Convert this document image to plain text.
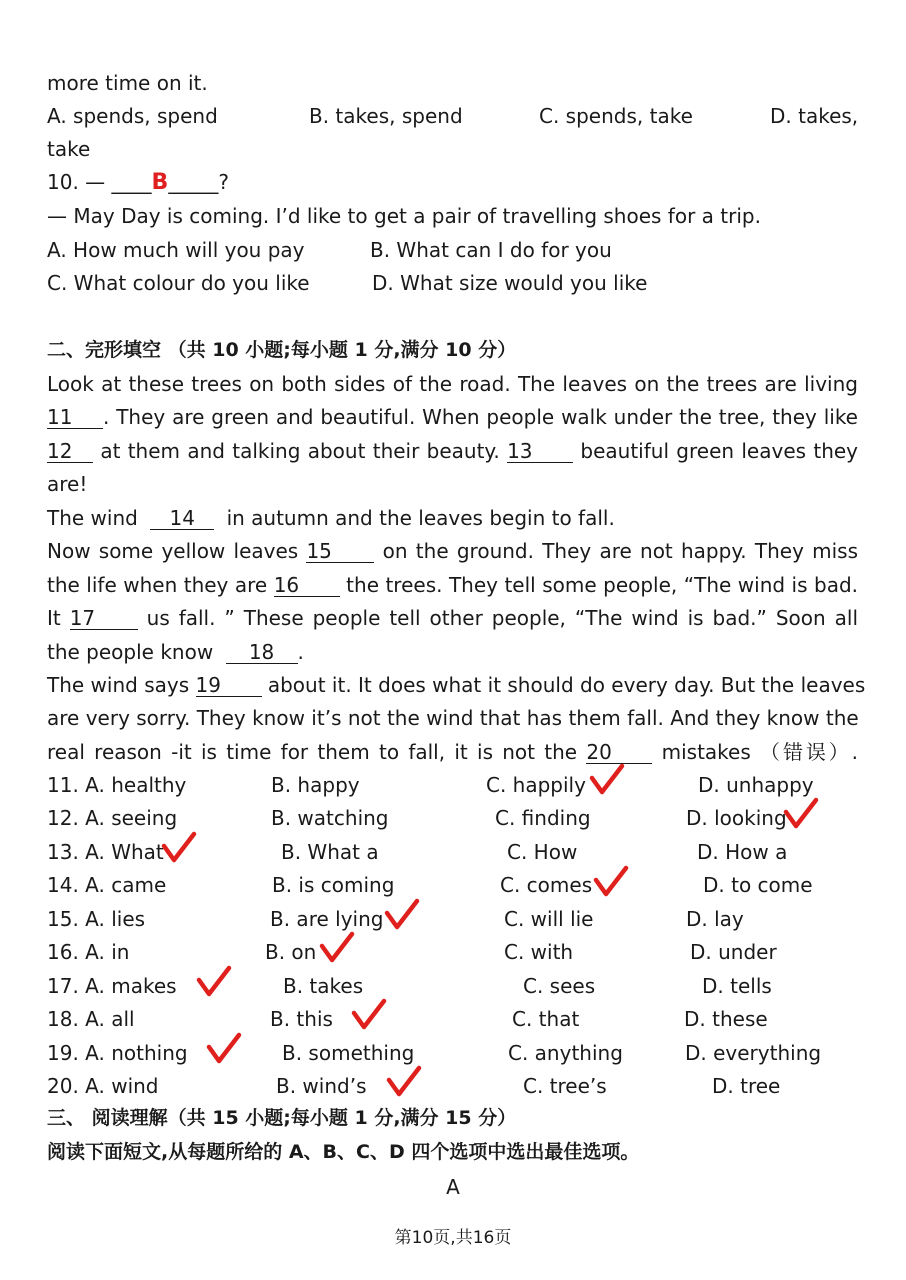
more time on it.
A. spends, spend	B. takes, spend	C. spends, take	D. takes,
take
10. — ____B_____?
— May Day is coming. I’d like to get a pair of travelling shoes for a trip.
A. How much will you pay	B. What can I do for you
C. What colour do you like	D. What size would you like
二、完形填空 （共 10 小题;每小题 1 分,满分 10 分）
Look at these trees on both sides of the road. The leaves on the trees are living
11 . They are green and beautiful. When people walk under the tree, they like
12 at them and talking about their beauty. 13 beautiful green leaves they
are!
The wind 14 in autumn and the leaves begin to fall.
Now some yellow leaves 15	on the ground. They are not happy. They miss
the life when they are 16 the trees. They tell some people, “The wind is bad.
It 17	us fall. ” These people tell other people, “The wind is bad.” Soon all
the people know 18 .
The wind says 19 about it. It does what it should do every day. But the leaves
are very sorry. They know it’s not the wind that has them fall. And they know the
real reason -it is time for them to fall, it is not the 20 mistakes （错误）.
11. A. healthy	B. happy	C. happily	D. unhappy
12. A. seeing	B. watching	C. finding	D. looking
13. A. What	B. What a	C. How	D. How a
14. A. came	B. is coming	C. comes	D. to come
15. A. lies	B. are lying	C. will lie	D. lay
16. A. in	B. on	C. with	D. under
17. A. makes	B. takes	C. sees	D. tells
18. A. all	B. this	C. that	D. these
19. A. nothing	B. something	C. anything	D. everything
20. A. wind	B. wind’s	C. tree’s	D. tree
三、 阅读理解（共 15 小题;每小题 1 分,满分 15 分）
阅读下面短文,从每题所给的 A、B、C、D 四个选项中选出最佳选项。
A
第10页,共16页
